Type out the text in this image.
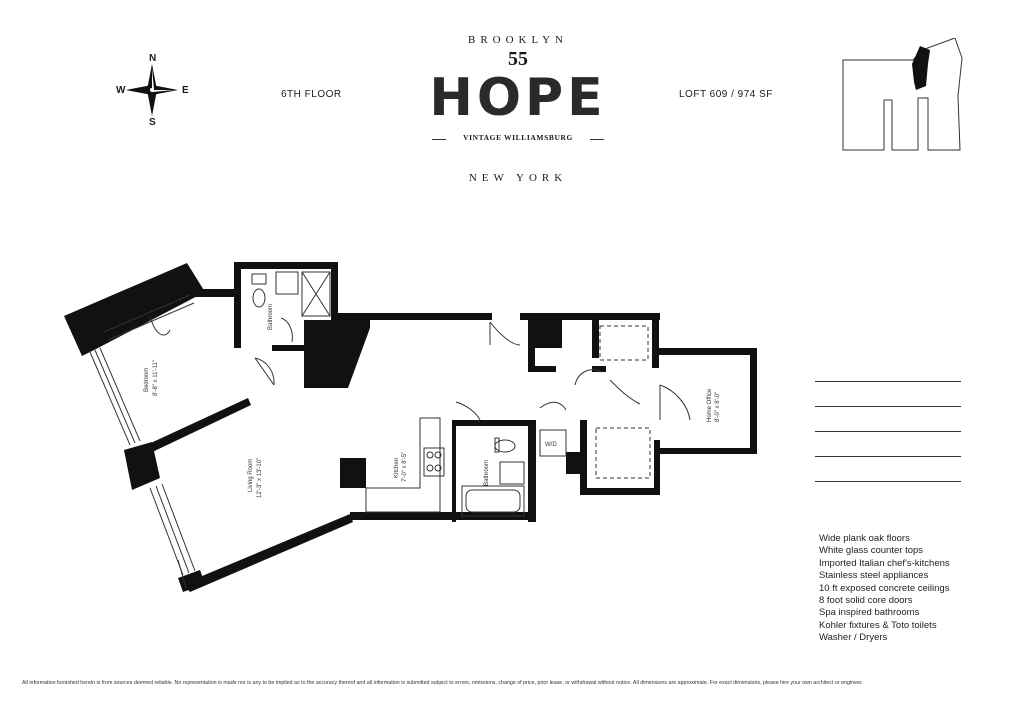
N
E
S
W	6TH FLOOR	LOFT 609 / 974 SF
BROOKLYN
55
HOPE
VINTAGE WILLIAMSBURG
NEW YORK
Bedroom 8'-8" x 11'-11"
Bathroom
Living Room 12'-3" x 13'-10"	Kitchen 7'-0" x 8'-5"	Bathroom
W/D
Home Office 8'-0" x 8'-0"
Wide plank oak floors
White glass counter tops
Imported Italian chef's-kitchens
Stainless steel appliances
10 ft exposed concrete ceilings
8 foot solid core doors
Spa inspired bathrooms
Kohler fixtures & Toto toilets
Washer / Dryers
All information furnished herein is from sources deemed reliable. No representation is made nor is any to be implied as to the accuracy thereof and all information is submitted subject to errors, omissions, change of price, prior lease, or withdrawal without notice. All dimensions are approximate. For exact dimensions, please hire your own architect or engineer.
